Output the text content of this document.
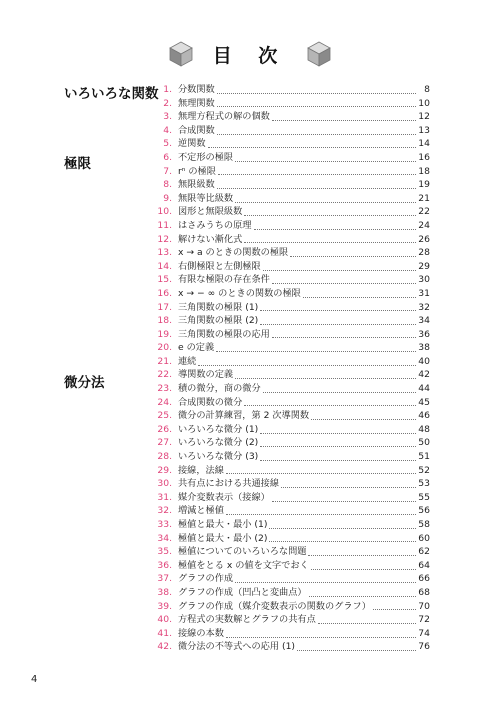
目 次
いろいろな関数
極限
微分法
1. 分数関数	8
2. 無理関数	10
3. 無理方程式の解の個数	12
4. 合成関数	13
5. 逆関数	14
6. 不定形の極限	16
7. rⁿ の極限	18
8. 無限級数	19
9. 無限等比級数	21
10. 図形と無限級数	22
11. はさみうちの原理	24
12. 解けない漸化式	26
13. x → a のときの関数の極限	28
14. 右側極限と左側極限	29
15. 有限な極限の存在条件	30
16. x → − ∞ のときの関数の極限	31
17. 三角関数の極限 (1)	32
18. 三角関数の極限 (2)	34
19. 三角関数の極限の応用	36
20. e の定義	38
21. 連続	40
22. 導関数の定義	42
23. 積の微分，商の微分	44
24. 合成関数の微分	45
25. 微分の計算練習，第 2 次導関数	46
26. いろいろな微分 (1)	48
27. いろいろな微分 (2)	50
28. いろいろな微分 (3)	51
29. 接線，法線	52
30. 共有点における共通接線	53
31. 媒介変数表示（接線）	55
32. 増減と極値	56
33. 極値と最大・最小 (1)	58
34. 極値と最大・最小 (2)	60
35. 極値についてのいろいろな問題	62
36. 極値をとる x の値を文字でおく	64
37. グラフの作成	66
38. グラフの作成（凹凸と変曲点）	68
39. グラフの作成（媒介変数表示の関数のグラフ）	70
40. 方程式の実数解とグラフの共有点	72
41. 接線の本数	74
42. 微分法の不等式への応用 (1)	76
4
